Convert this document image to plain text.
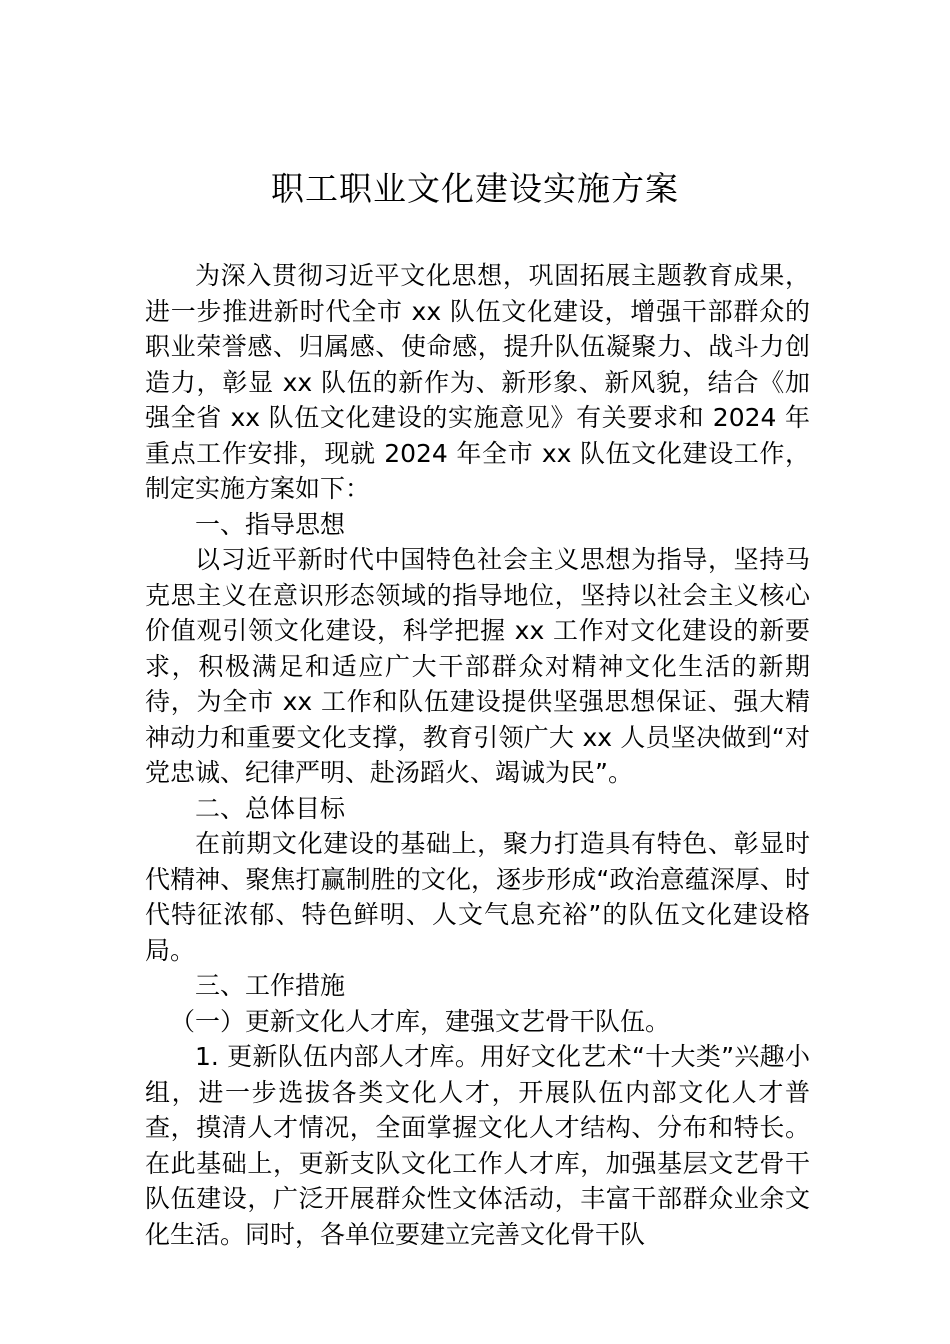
职工职业文化建设实施方案

为深入贯彻习近平文化思想，巩固拓展主题教育成果，进一步推进新时代全市 xx 队伍文化建设，增强干部群众的职业荣誉感、归属感、使命感，提升队伍凝聚力、战斗力创造力，彰显 xx 队伍的新作为、新形象、新风貌，结合《加强全省 xx 队伍文化建设的实施意见》有关要求和 2024 年重点工作安排，现就 2024 年全市 xx 队伍文化建设工作，制定实施方案如下：

一、指导思想

以习近平新时代中国特色社会主义思想为指导，坚持马克思主义在意识形态领域的指导地位，坚持以社会主义核心价值观引领文化建设，科学把握 xx 工作对文化建设的新要求，积极满足和适应广大干部群众对精神文化生活的新期待，为全市 xx 工作和队伍建设提供坚强思想保证、强大精神动力和重要文化支撑，教育引领广大 xx 人员坚决做到“对党忠诚、纪律严明、赴汤蹈火、竭诚为民”。

二、总体目标

在前期文化建设的基础上，聚力打造具有特色、彰显时代精神、聚焦打赢制胜的文化，逐步形成“政治意蕴深厚、时代特征浓郁、特色鲜明、人文气息充裕”的队伍文化建设格局。

三、工作措施

（一）更新文化人才库，建强文艺骨干队伍。

1. 更新队伍内部人才库。用好文化艺术“十大类”兴趣小组，进一步选拔各类文化人才，开展队伍内部文化人才普查，摸清人才情况，全面掌握文化人才结构、分布和特长。在此基础上，更新支队文化工作人才库，加强基层文艺骨干队伍建设，广泛开展群众性文体活动，丰富干部群众业余文化生活。同时，各单位要建立完善文化骨干队
